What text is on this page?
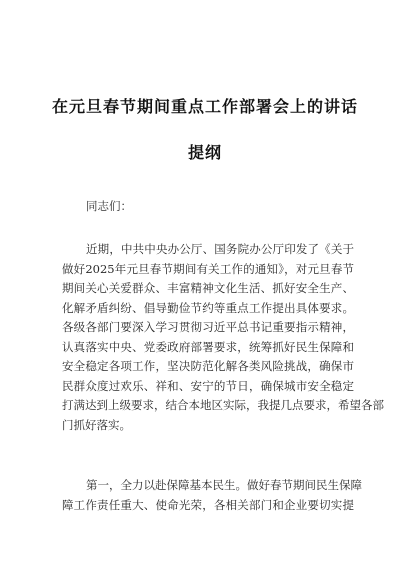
在元旦春节期间重点工作部署会上的讲话
提纲
同志们：
近期，中共中央办公厅、国务院办公厅印发了《关于
做好2025年元旦春节期间有关工作的通知》，对元旦春节
期间关心关爱群众、丰富精神文化生活、抓好安全生产、
化解矛盾纠纷、倡导勤俭节约等重点工作提出具体要求。
各级各部门要深入学习贯彻习近平总书记重要指示精神，
认真落实中央、党委政府部署要求，统筹抓好民生保障和
安全稳定各项工作，坚决防范化解各类风险挑战，确保市
民群众度过欢乐、祥和、安宁的节日，确保城市安全稳定
打满达到上级要求，结合本地区实际，我提几点要求，希望各部
门抓好落实。
第一，全力以赴保障基本民生。做好春节期间民生保障
障工作责任重大、使命光荣，各相关部门和企业要切实提
